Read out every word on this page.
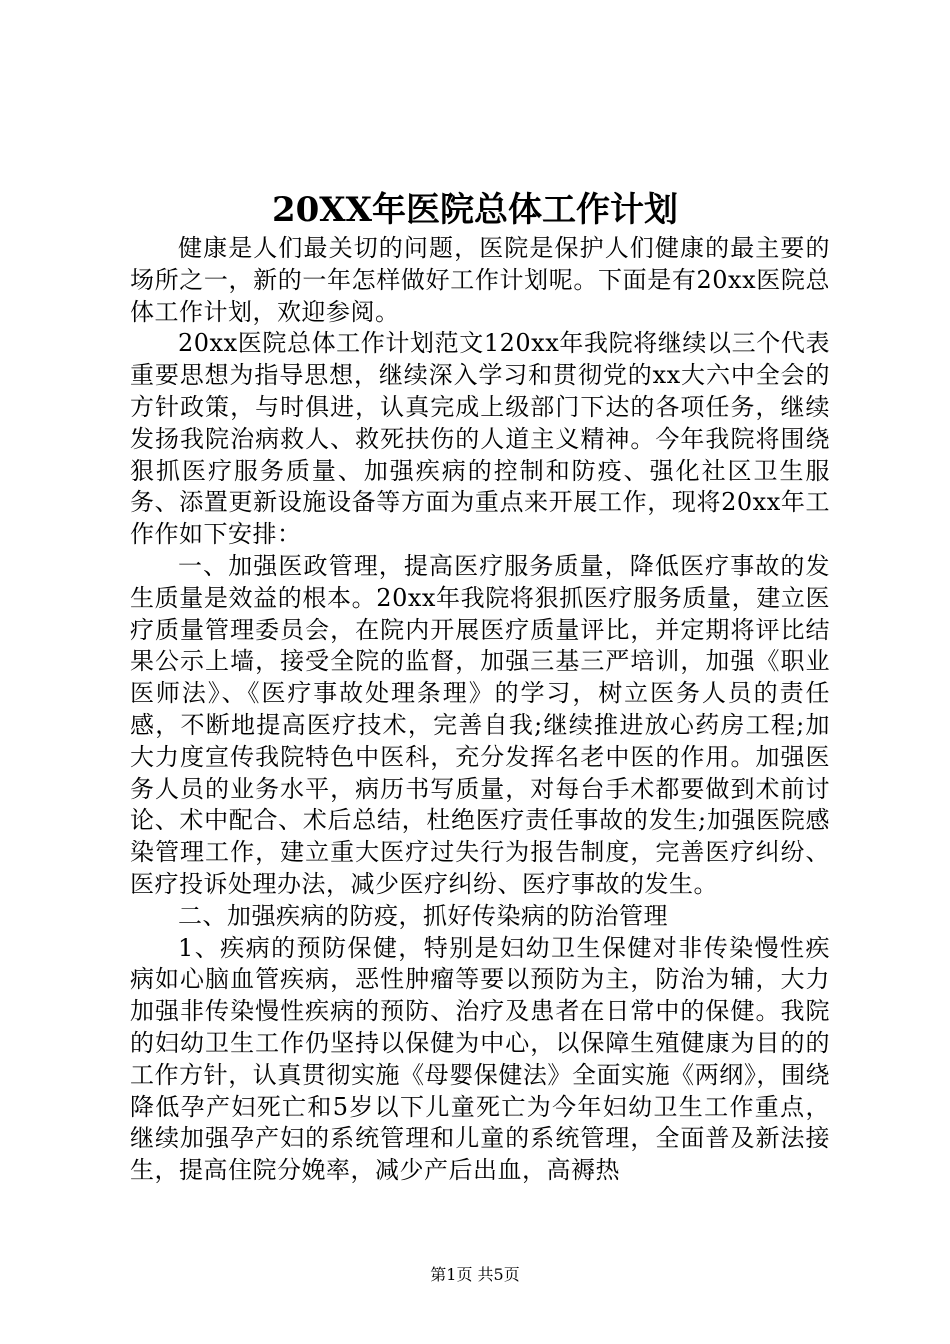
20XX年医院总体工作计划

健康是人们最关切的问题，医院是保护人们健康的最主要的场所之一，新的一年怎样做好工作计划呢。下面是有20xx医院总体工作计划，欢迎参阅。

20xx医院总体工作计划范文120xx年我院将继续以三个代表重要思想为指导思想，继续深入学习和贯彻党的xx大六中全会的方针政策，与时俱进，认真完成上级部门下达的各项任务，继续发扬我院治病救人、救死扶伤的人道主义精神。今年我院将围绕狠抓医疗服务质量、加强疾病的控制和防疫、强化社区卫生服务、添置更新设施设备等方面为重点来开展工作，现将20xx年工作作如下安排：

一、加强医政管理，提高医疗服务质量，降低医疗事故的发生质量是效益的根本。20xx年我院将狠抓医疗服务质量，建立医疗质量管理委员会，在院内开展医疗质量评比，并定期将评比结果公示上墙，接受全院的监督，加强三基三严培训，加强《职业医师法》、《医疗事故处理条理》的学习，树立医务人员的责任感，不断地提高医疗技术，完善自我;继续推进放心药房工程;加大力度宣传我院特色中医科，充分发挥名老中医的作用。加强医务人员的业务水平，病历书写质量，对每台手术都要做到术前讨论、术中配合、术后总结，杜绝医疗责任事故的发生;加强医院感染管理工作，建立重大医疗过失行为报告制度，完善医疗纠纷、医疗投诉处理办法，减少医疗纠纷、医疗事故的发生。

二、加强疾病的防疫，抓好传染病的防治管理

1、疾病的预防保健，特别是妇幼卫生保健对非传染慢性疾病如心脑血管疾病，恶性肿瘤等要以预防为主，防治为辅，大力加强非传染慢性疾病的预防、治疗及患者在日常中的保健。我院的妇幼卫生工作仍坚持以保健为中心，以保障生殖健康为目的的工作方针，认真贯彻实施《母婴保健法》全面实施《两纲》，围绕降低孕产妇死亡和5岁以下儿童死亡为今年妇幼卫生工作重点，继续加强孕产妇的系统管理和儿童的系统管理，全面普及新法接生，提高住院分娩率，减少产后出血，高褥热

第1页 共5页
